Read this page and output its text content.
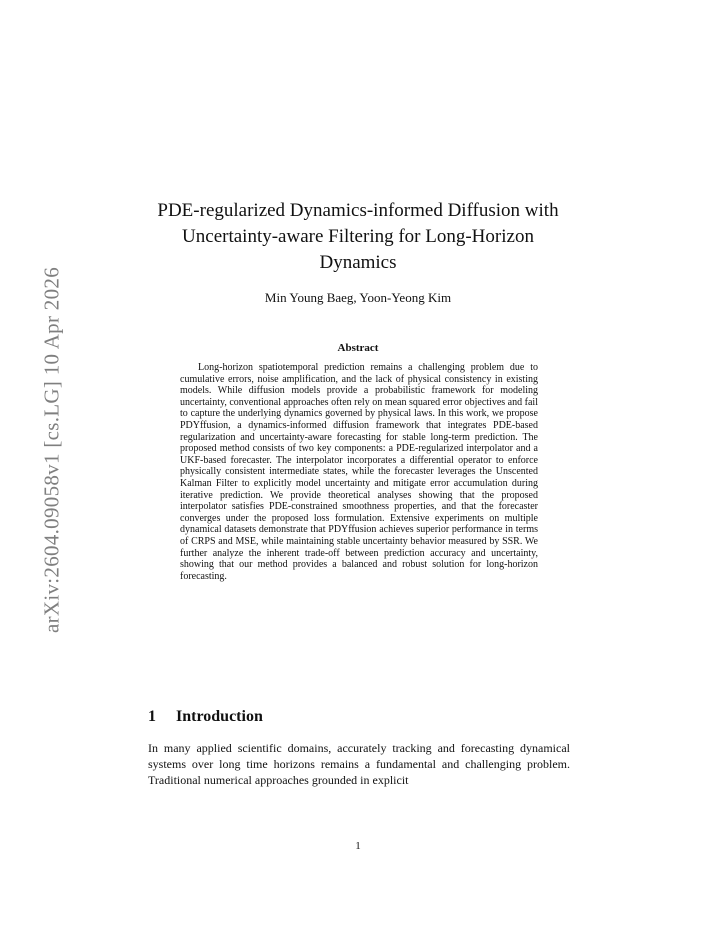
arXiv:2604.09058v1 [cs.LG] 10 Apr 2026
PDE-regularized Dynamics-informed Diffusion with
Uncertainty-aware Filtering for Long-Horizon
Dynamics
Min Young Baeg, Yoon-Yeong Kim
Abstract

Long-horizon spatiotemporal prediction remains a challenging problem due to cumulative errors, noise amplification, and the lack of physical consistency in existing models. While diffusion models provide a probabilistic framework for modeling uncertainty, conventional approaches often rely on mean squared error objectives and fail to capture the underlying dynamics governed by physical laws. In this work, we propose PDYffusion, a dynamics-informed diffusion framework that integrates PDE-based regularization and uncertainty-aware forecasting for stable long-term prediction. The proposed method consists of two key components: a PDE-regularized interpolator and a UKF-based forecaster. The interpolator incorporates a differential operator to enforce physically consistent intermediate states, while the forecaster leverages the Unscented Kalman Filter to explicitly model uncertainty and mitigate error accumulation during iterative prediction. We provide theoretical analyses showing that the proposed interpolator satisfies PDE-constrained smoothness properties, and that the forecaster converges under the proposed loss formulation. Extensive experiments on multiple dynamical datasets demonstrate that PDYffusion achieves superior performance in terms of CRPS and MSE, while maintaining stable uncertainty behavior measured by SSR. We further analyze the inherent trade-off between prediction accuracy and uncertainty, showing that our method provides a balanced and robust solution for long-horizon forecasting.

1 Introduction

In many applied scientific domains, accurately tracking and forecasting dynamical systems over long time horizons remains a fundamental and challenging problem. Traditional numerical approaches grounded in explicit

1
